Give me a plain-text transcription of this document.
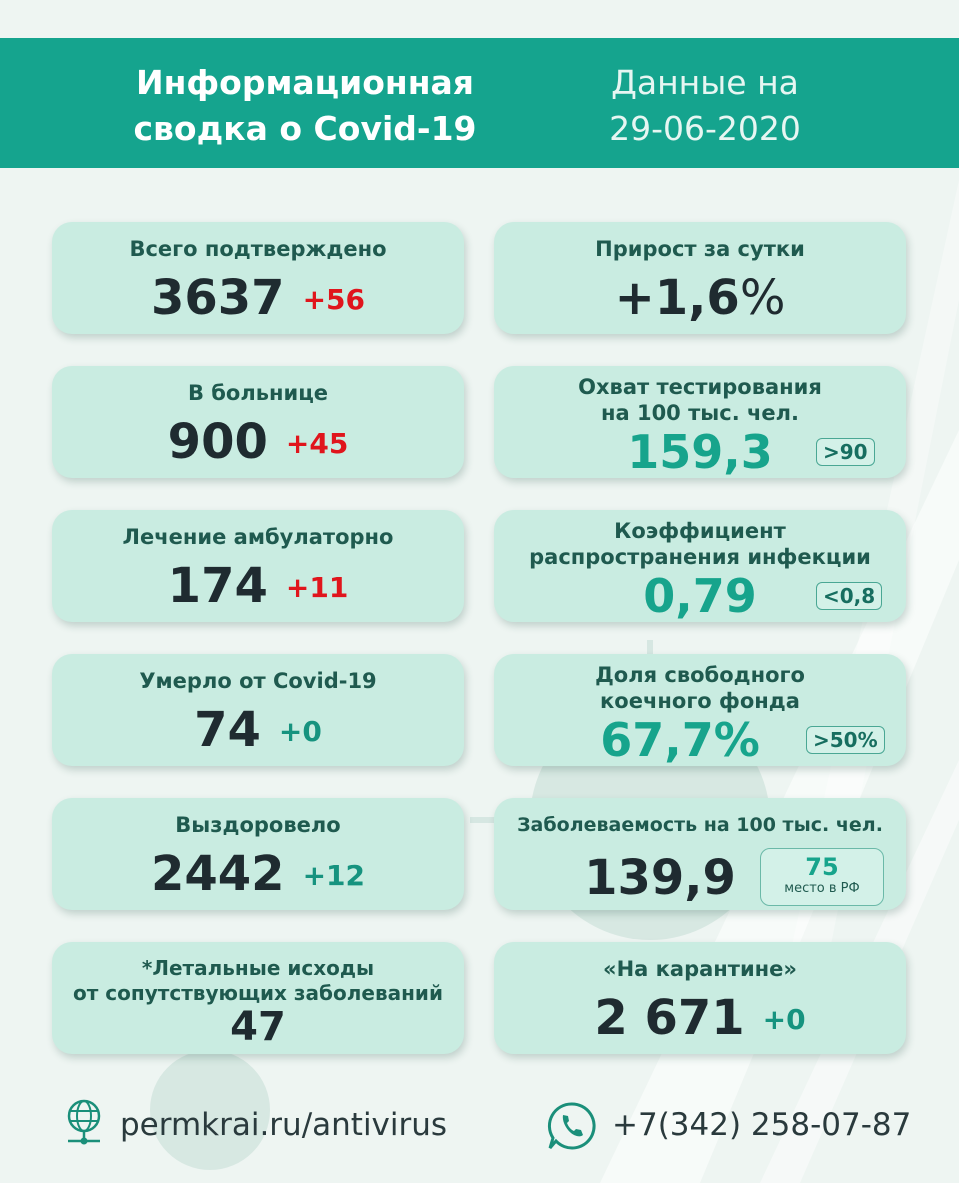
Информационная
сводка о Covid-19
Данные на
29-06-2020
Всего подтверждено
3637 $^{+56}$
В больнице
900 $^{+45}$
Лечение амбулаторно
174 $^{+11}$
Умерло от Covid-19
74 $^{+0}$
Выздоровело
2442 $^{+12}$
*Летальные исходы
от сопутствующих заболеваний
47
Прирост за сутки
+1,6%
Охват тестирования
на 100 тыс. чел.
159,3	>90
Коэффициент
распространения инфекции
0,79	<0,8
Доля свободного
коечного фонда
67,7%	>50%
Заболеваемость на 100 тыс. чел.
139,9	75
место в РФ
«На карантине»
2 671 $^{+0}$
permkrai.ru/antivirus	+7(342) 258-07-87
